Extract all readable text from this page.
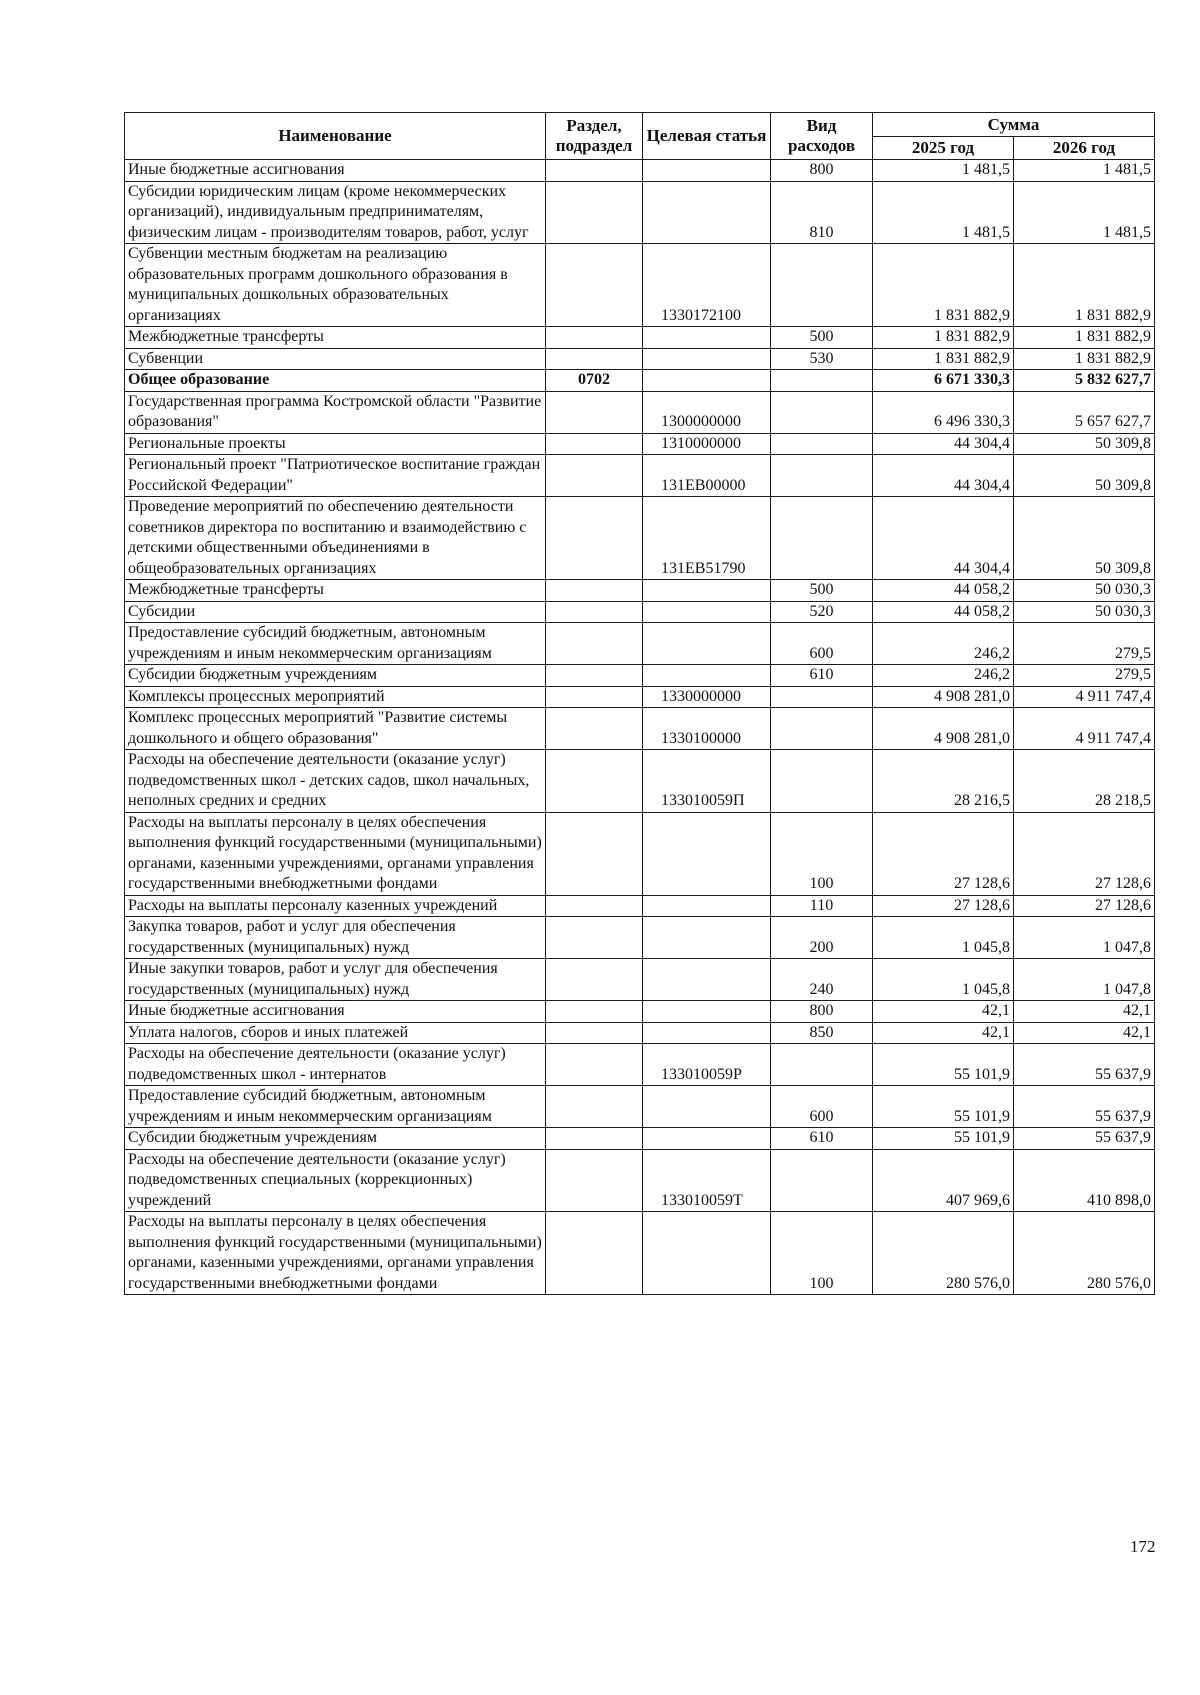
Наименование	Раздел, подраздел	Целевая статья	Вид расходов	Сумма	
				2025 год	2026 год
Иные бюджетные ассигнования			800	1 481,5	1 481,5
Субсидии юридическим лицам (кроме некоммерческих организаций), индивидуальным предпринимателям, физическим лицам - производителям товаров, работ, услуг			810	1 481,5	1 481,5
Субвенции местным бюджетам на реализацию образовательных программ дошкольного образования в муниципальных дошкольных образовательных организациях		1330172100		1 831 882,9	1 831 882,9
Межбюджетные трансферты			500	1 831 882,9	1 831 882,9
Субвенции			530	1 831 882,9	1 831 882,9
Общее образование	0702			6 671 330,3	5 832 627,7
Государственная программа Костромской области "Развитие образования"		1300000000		6 496 330,3	5 657 627,7
Региональные проекты		1310000000		44 304,4	50 309,8
Региональный проект "Патриотическое воспитание граждан Российской Федерации"		131EB00000		44 304,4	50 309,8
Проведение мероприятий по обеспечению деятельности советников директора по воспитанию и взаимодействию с детскими общественными объединениями в общеобразовательных организациях		131EB51790		44 304,4	50 309,8
Межбюджетные трансферты			500	44 058,2	50 030,3
Субсидии			520	44 058,2	50 030,3
Предоставление субсидий бюджетным, автономным учреждениям и иным некоммерческим организациям			600	246,2	279,5
Субсидии бюджетным учреждениям			610	246,2	279,5
Комплексы процессных мероприятий		1330000000		4 908 281,0	4 911 747,4
Комплекс процессных мероприятий "Развитие системы дошкольного и общего образования"		1330100000		4 908 281,0	4 911 747,4
Расходы на обеспечение деятельности (оказание услуг) подведомственных школ - детских садов, школ начальных, неполных средних и средних		133010059П		28 216,5	28 218,5
Расходы на выплаты персоналу в целях обеспечения выполнения функций государственными (муниципальными) органами, казенными учреждениями, органами управления государственными внебюджетными фондами			100	27 128,6	27 128,6
Расходы на выплаты персоналу казенных учреждений			110	27 128,6	27 128,6
Закупка товаров, работ и услуг для обеспечения государственных (муниципальных) нужд			200	1 045,8	1 047,8
Иные закупки товаров, работ и услуг для обеспечения государственных (муниципальных) нужд			240	1 045,8	1 047,8
Иные бюджетные ассигнования			800	42,1	42,1
Уплата налогов, сборов и иных платежей			850	42,1	42,1
Расходы на обеспечение деятельности (оказание услуг) подведомственных школ - интернатов		133010059Р		55 101,9	55 637,9
Предоставление субсидий бюджетным, автономным учреждениям и иным некоммерческим организациям			600	55 101,9	55 637,9
Субсидии бюджетным учреждениям			610	55 101,9	55 637,9
Расходы на обеспечение деятельности (оказание услуг) подведомственных специальных (коррекционных) учреждений		133010059Т		407 969,6	410 898,0
Расходы на выплаты персоналу в целях обеспечения выполнения функций государственными (муниципальными) органами, казенными учреждениями, органами управления государственными внебюджетными фондами			100	280 576,0	280 576,0
172
